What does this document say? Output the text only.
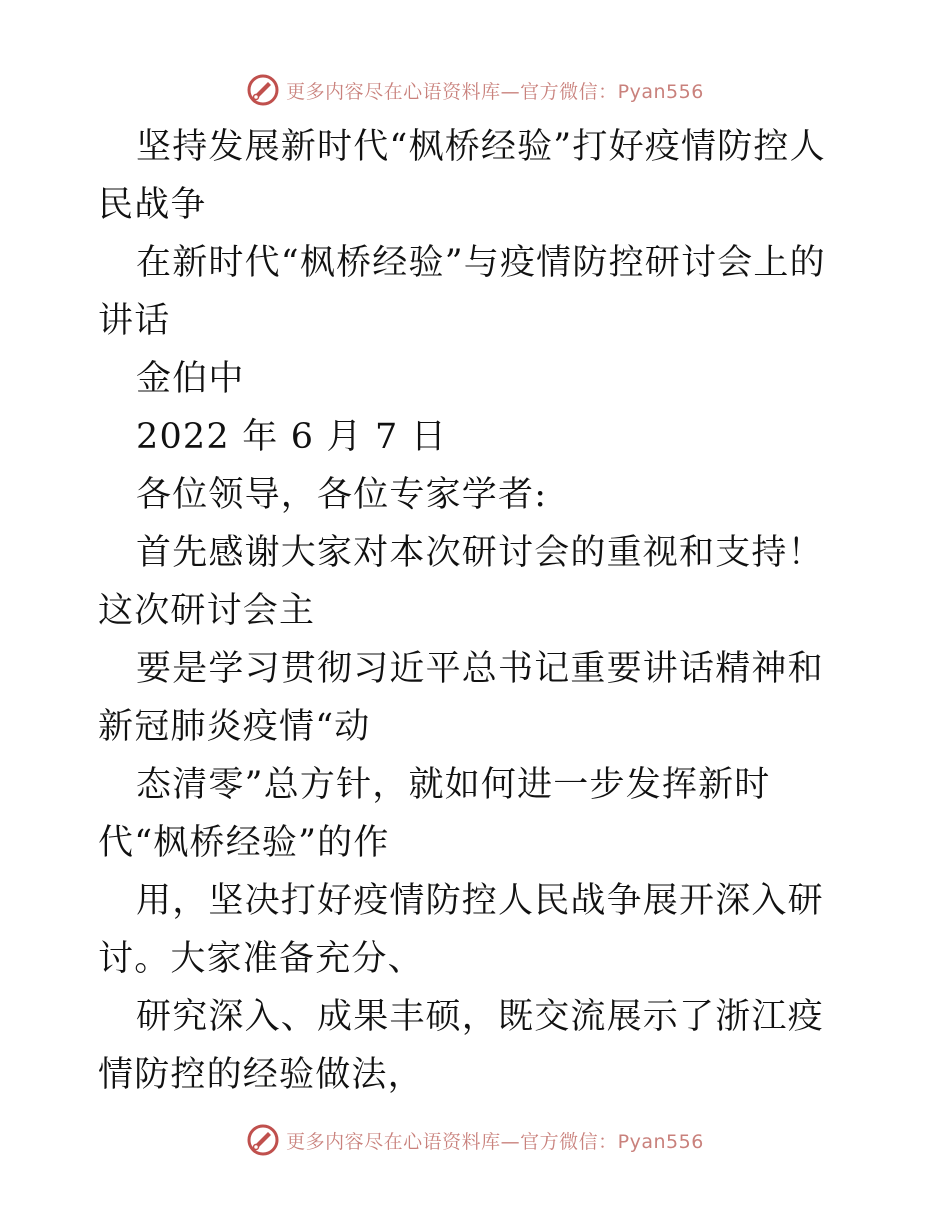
更多内容尽在心语资料库—官方微信：Pyan556

坚持发展新时代“枫桥经验”打好疫情防控人民战争

在新时代“枫桥经验”与疫情防控研讨会上的讲话

金伯中

2022 年 6 月 7 日

各位领导，各位专家学者:

首先感谢大家对本次研讨会的重视和支持！这次研讨会主

要是学习贯彻习近平总书记重要讲话精神和新冠肺炎疫情“动

态清零”总方针，就如何进一步发挥新时代“枫桥经验”的作

用，坚决打好疫情防控人民战争展开深入研讨。大家准备充分、

研究深入、成果丰硕，既交流展示了浙江疫情防控的经验做法，

更多内容尽在心语资料库—官方微信：Pyan556
